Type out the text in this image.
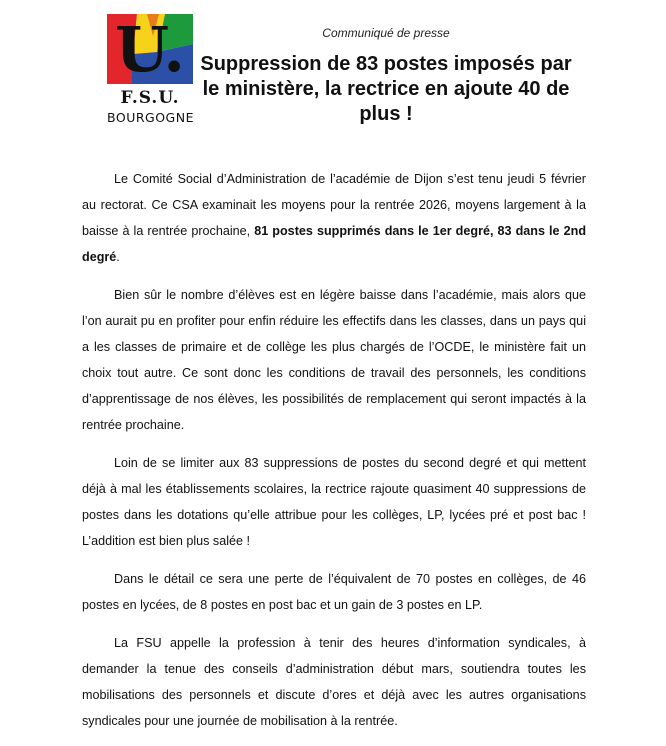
U.
F.S.U.
BOURGOGNE
Communiqué de presse
Suppression de 83 postes imposés par le ministère, la rectrice en ajoute 40 de plus !

Le Comité Social d’Administration de l’académie de Dijon s’est tenu jeudi 5 février au rectorat. Ce CSA examinait les moyens pour la rentrée 2026, moyens largement à la baisse à la rentrée prochaine, 81 postes supprimés dans le 1er degré, 83 dans le 2nd degré.

Bien sûr le nombre d’élèves est en légère baisse dans l’académie, mais alors que l’on aurait pu en profiter pour enfin réduire les effectifs dans les classes, dans un pays qui a les classes de primaire et de collège les plus chargés de l’OCDE, le ministère fait un choix tout autre. Ce sont donc les conditions de travail des personnels, les conditions d’apprentissage de nos élèves, les possibilités de remplacement qui seront impactés à la rentrée prochaine.

Loin de se limiter aux 83 suppressions de postes du second degré et qui mettent déjà à mal les établissements scolaires, la rectrice rajoute quasiment 40 suppressions de postes dans les dotations qu’elle attribue pour les collèges, LP, lycées pré et post bac ! L’addition est bien plus salée !

Dans le détail ce sera une perte de l’équivalent de 70 postes en collèges, de 46 postes en lycées, de 8 postes en post bac et un gain de 3 postes en LP.

La FSU appelle la profession à tenir des heures d’information syndicales, à demander la tenue des conseils d’administration début mars, soutiendra toutes les mobilisations des personnels et discute d’ores et déjà avec les autres organisations syndicales pour une journée de mobilisation à la rentrée.
